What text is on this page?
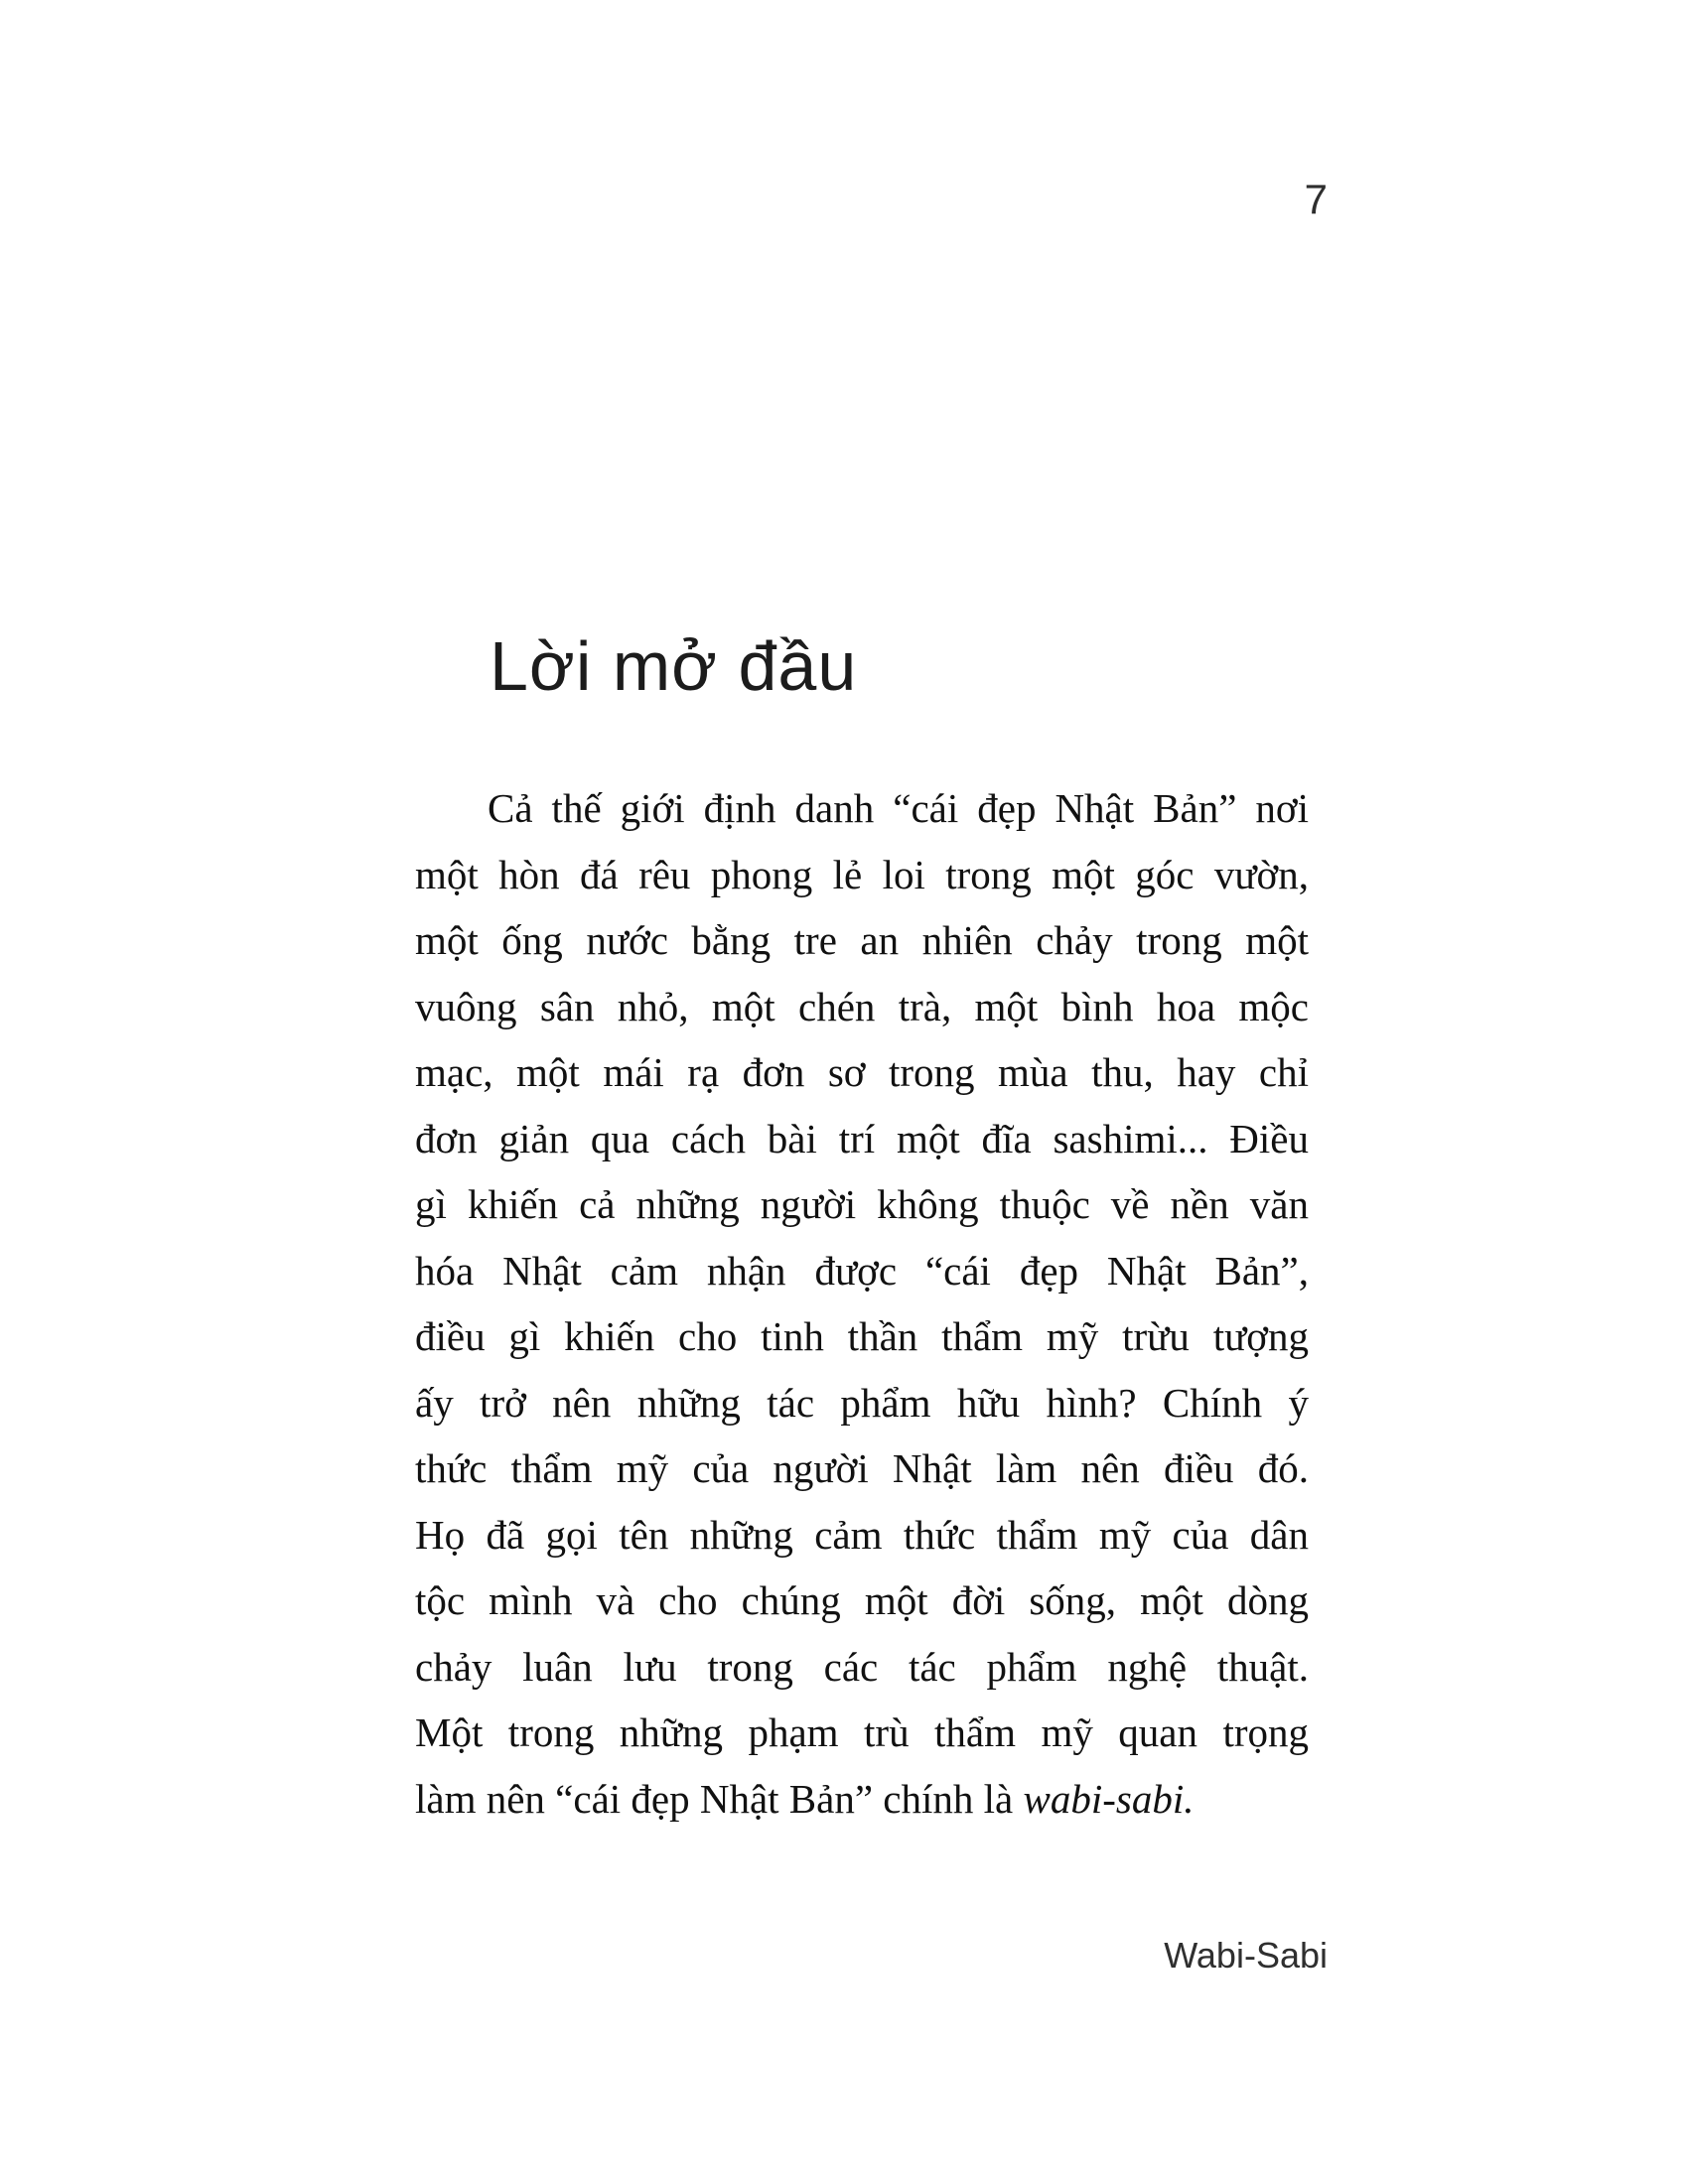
7
Lời mở đầu
Cả thế giới định danh “cái đẹp Nhật Bản” nơi
một hòn đá rêu phong lẻ loi trong một góc vườn,
một ống nước bằng tre an nhiên chảy trong một
vuông sân nhỏ, một chén trà, một bình hoa mộc
mạc, một mái rạ đơn sơ trong mùa thu, hay chỉ
đơn giản qua cách bài trí một đĩa sashimi... Điều
gì khiến cả những người không thuộc về nền văn
hóa Nhật cảm nhận được “cái đẹp Nhật Bản”,
điều gì khiến cho tinh thần thẩm mỹ trừu tượng
ấy trở nên những tác phẩm hữu hình? Chính ý
thức thẩm mỹ của người Nhật làm nên điều đó.
Họ đã gọi tên những cảm thức thẩm mỹ của dân
tộc mình và cho chúng một đời sống, một dòng
chảy luân lưu trong các tác phẩm nghệ thuật.
Một trong những phạm trù thẩm mỹ quan trọng
làm nên “cái đẹp Nhật Bản” chính là wabi-sabi.
Wabi-Sabi
